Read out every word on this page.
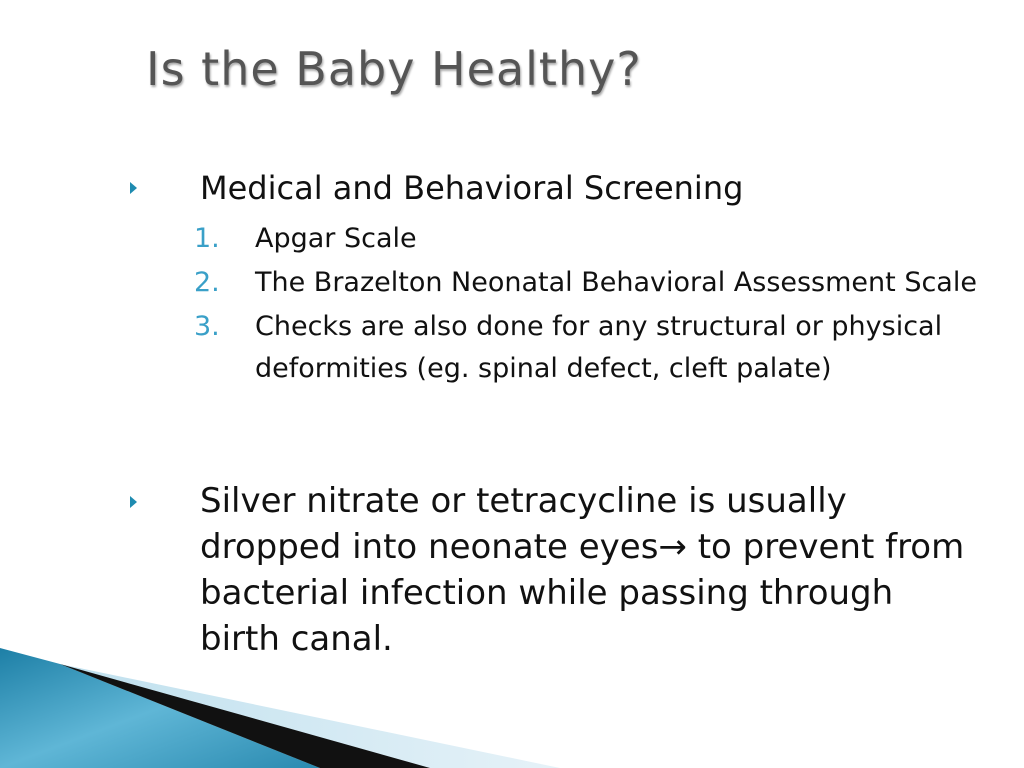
Is the Baby Healthy?
Medical and Behavioral Screening
1.	Apgar Scale
2.	The Brazelton Neonatal Behavioral Assessment Scale
3.	Checks are also done for any structural or physical deformities (eg. spinal defect, cleft palate)
Silver nitrate or tetracycline is usually dropped into neonate eyes→ to prevent from bacterial infection while passing through birth canal.
